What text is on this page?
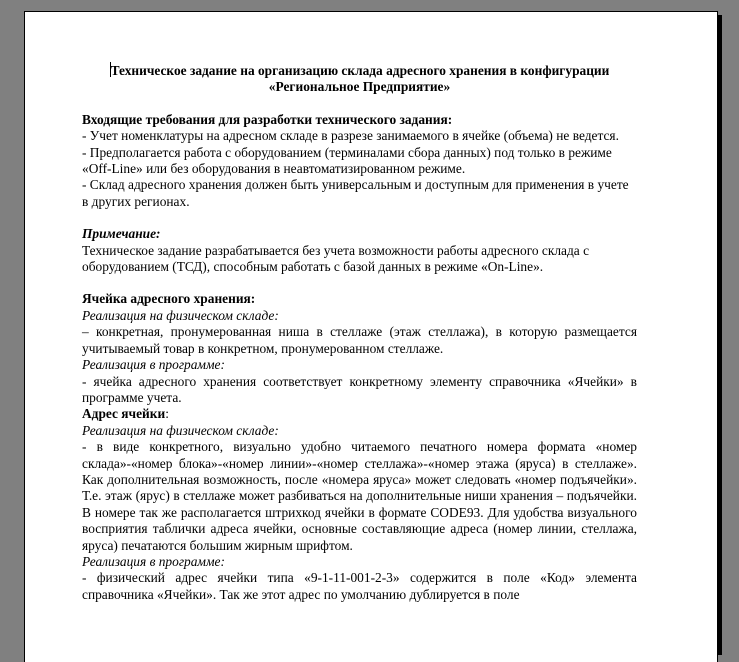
Техническое задание на организацию склада адресного хранения в конфигурации
«Региональное Предприятие»

Входящие требования для разработки технического задания:

- Учет номенклатуры на адресном складе в разрезе занимаемого в ячейке (объема) не ведется.

- Предполагается работа с оборудованием (терминалами сбора данных) под только в режиме «Off-Line» или без оборудования в неавтоматизированном режиме.

- Склад адресного хранения должен быть универсальным и доступным для применения в учете в других регионах.

Примечание:

Техническое задание разрабатывается без учета возможности работы адресного склада с оборудованием (ТСД), способным работать с базой данных в режиме «On-Line».

Ячейка адресного хранения:

Реализация на физическом складе:

– конкретная, пронумерованная ниша в стеллаже (этаж стеллажа), в которую размещается учитываемый товар в конкретном, пронумерованном стеллаже.

Реализация в программе:

- ячейка адресного хранения соответствует конкретному элементу справочника «Ячейки» в программе учета.

Адрес ячейки:

Реализация на физическом складе:

- в виде конкретного, визуально удобно читаемого печатного номера формата «номер склада»-«номер блока»-«номер линии»-«номер стеллажа»-«номер этажа (яруса) в стеллаже». Как дополнительная возможность, после «номера яруса» может следовать «номер подъячейки». Т.е. этаж (ярус) в стеллаже может разбиваться на дополнительные ниши хранения – подъячейки. В номере так же располагается штрихкод ячейки в формате CODE93. Для удобства визуального восприятия таблички адреса ячейки, основные составляющие адреса (номер линии, стеллажа, яруса) печатаются большим жирным шрифтом.

Реализация в программе:

- физический адрес ячейки типа «9-1-11-001-2-3» содержится в поле «Код» элемента справочника «Ячейки». Так же этот адрес по умолчанию дублируется в поле
